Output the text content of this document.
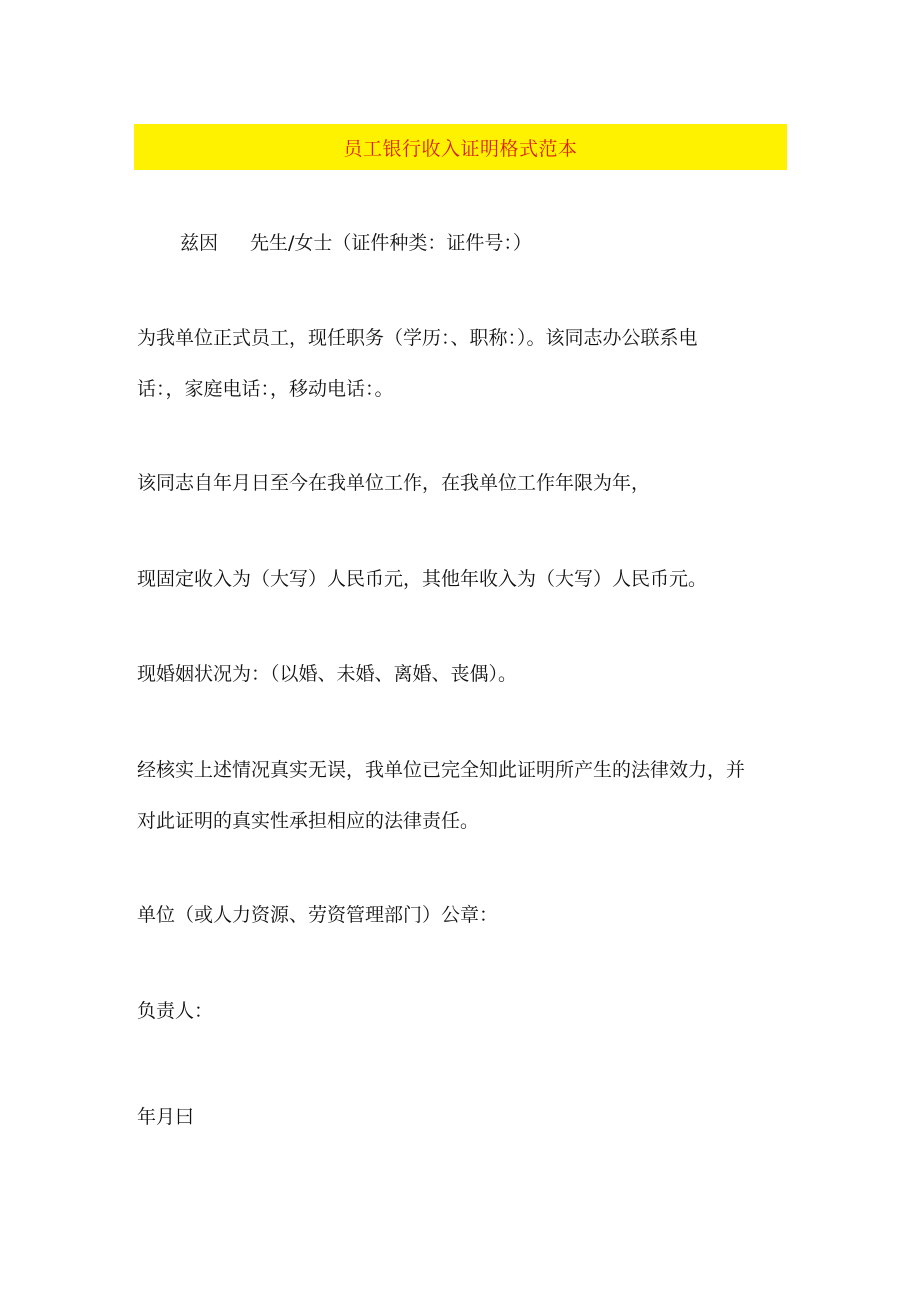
员工银行收入证明格式范本
兹因 先生/女士（证件种类：证件号：）
为我单位正式员工，现任职务（学历：、职称：）。该同志办公联系电
话：，家庭电话：，移动电话：。
该同志自年月日至今在我单位工作，在我单位工作年限为年，
现固定收入为（大写）人民币元，其他年收入为（大写）人民币元。
现婚姻状况为：（以婚、未婚、离婚、丧偶）。
经核实上述情况真实无误，我单位已完全知此证明所产生的法律效力，并
对此证明的真实性承担相应的法律责任。
单位（或人力资源、劳资管理部门）公章：
负责人：
年月曰
